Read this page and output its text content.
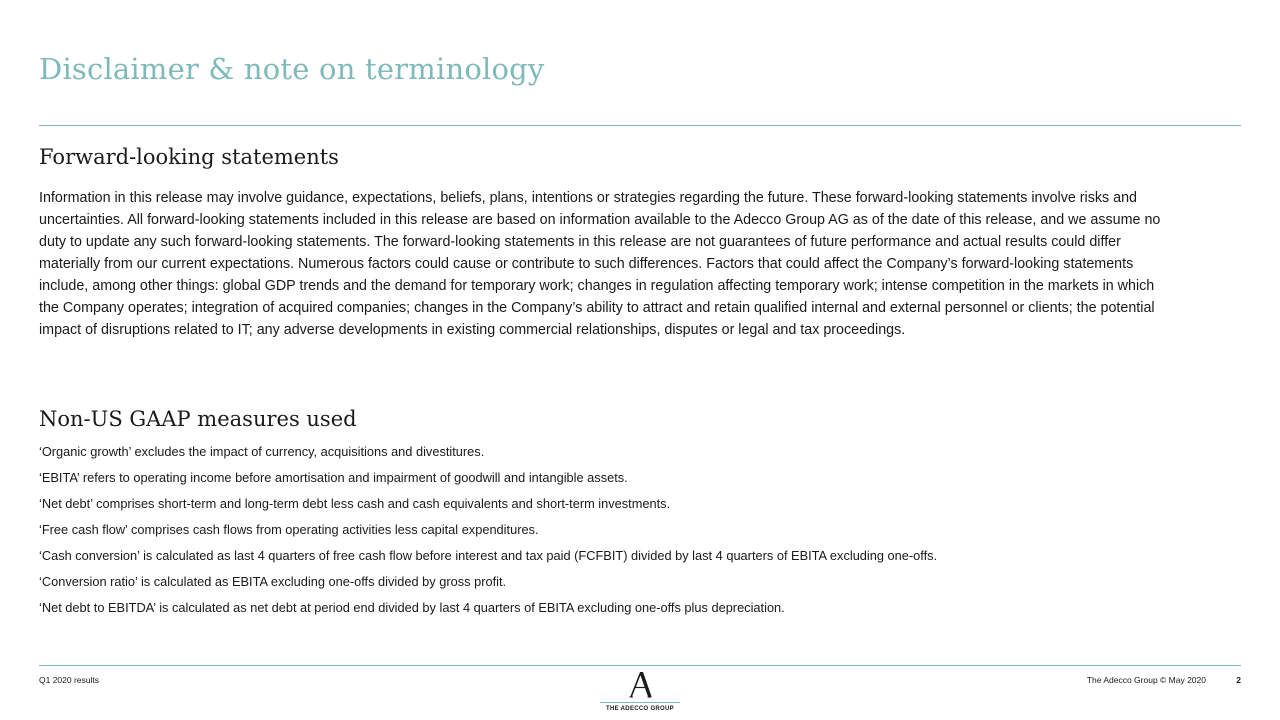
Disclaimer & note on terminology
Forward-looking statements
Information in this release may involve guidance, expectations, beliefs, plans, intentions or strategies regarding the future. These forward-looking statements involve risks and
uncertainties. All forward-looking statements included in this release are based on information available to the Adecco Group AG as of the date of this release, and we assume no
duty to update any such forward-looking statements. The forward-looking statements in this release are not guarantees of future performance and actual results could differ
materially from our current expectations. Numerous factors could cause or contribute to such differences. Factors that could affect the Company’s forward-looking statements
include, among other things: global GDP trends and the demand for temporary work; changes in regulation affecting temporary work; intense competition in the markets in which
the Company operates; integration of acquired companies; changes in the Company’s ability to attract and retain qualified internal and external personnel or clients; the potential
impact of disruptions related to IT; any adverse developments in existing commercial relationships, disputes or legal and tax proceedings.
Non-US GAAP measures used
‘Organic growth’ excludes the impact of currency, acquisitions and divestitures.
‘EBITA’ refers to operating income before amortisation and impairment of goodwill and intangible assets.
‘Net debt’ comprises short-term and long-term debt less cash and cash equivalents and short-term investments.
‘Free cash flow’ comprises cash flows from operating activities less capital expenditures.
‘Cash conversion’ is calculated as last 4 quarters of free cash flow before interest and tax paid (FCFBIT) divided by last 4 quarters of EBITA excluding one-offs.
‘Conversion ratio’ is calculated as EBITA excluding one-offs divided by gross profit.
‘Net debt to EBITDA’ is calculated as net debt at period end divided by last 4 quarters of EBITA excluding one-offs plus depreciation.
Q1 2020 results
THE ADECCO GROUP
The Adecco Group © May 2020	2
